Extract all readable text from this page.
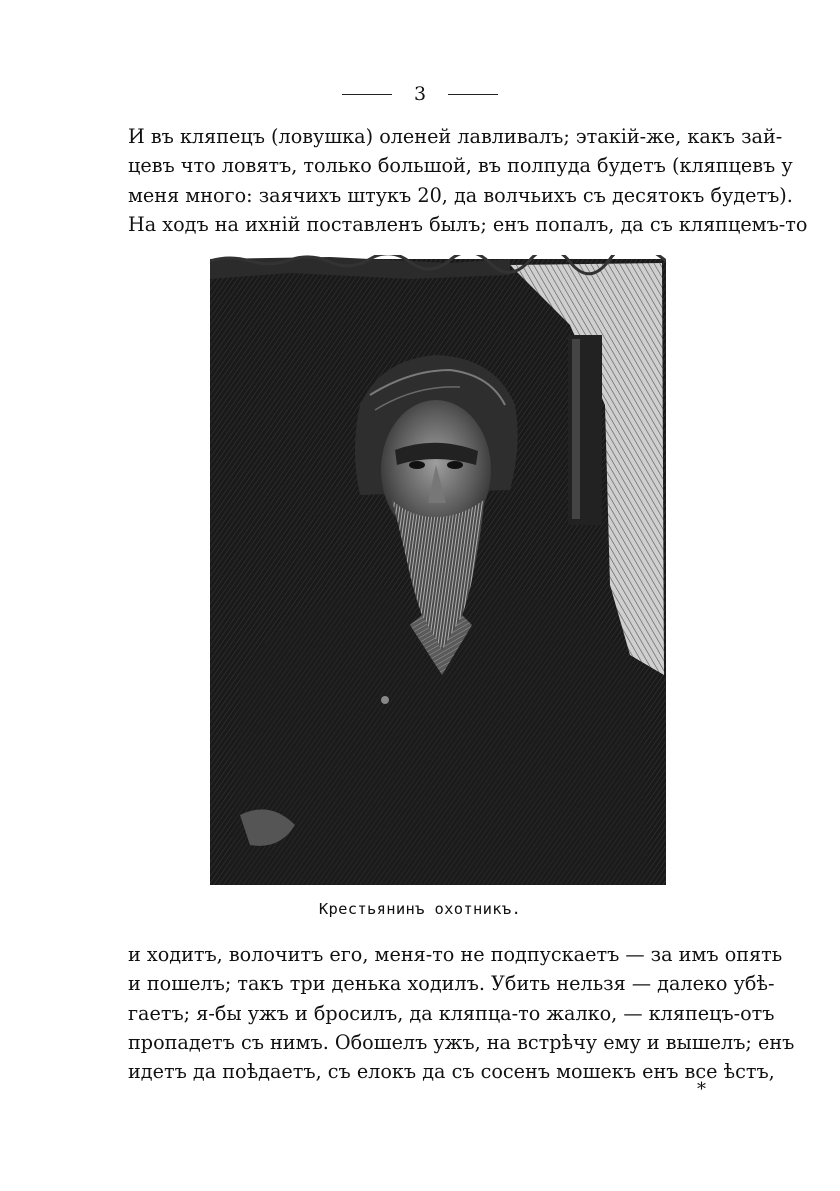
3
И въ кляпецъ (ловушка) оленей лавливалъ; этакій-же, какъ зай-
цевъ что ловятъ, только большой, въ полпуда будетъ (кляпцевъ у
меня много: заячихъ штукъ 20, да волчьихъ съ десятокъ будетъ).
На ходъ на ихній поставленъ былъ; енъ попалъ, да съ кляпцемъ-то
Крестьянинъ охотникъ.
и ходитъ, волочитъ его, меня-то не подпускаетъ — за имъ опять
и пошелъ; такъ три денька ходилъ. Убить нельзя — далеко убѣ-
гаетъ; я-бы ужъ и бросилъ, да кляпца-то жалко, — кляпецъ-отъ
пропадетъ съ нимъ. Обошелъ ужъ, на встрѣчу ему и вышелъ; енъ
идетъ да поѣдаетъ, съ елокъ да съ сосенъ мошекъ енъ все ѣстъ,
*
